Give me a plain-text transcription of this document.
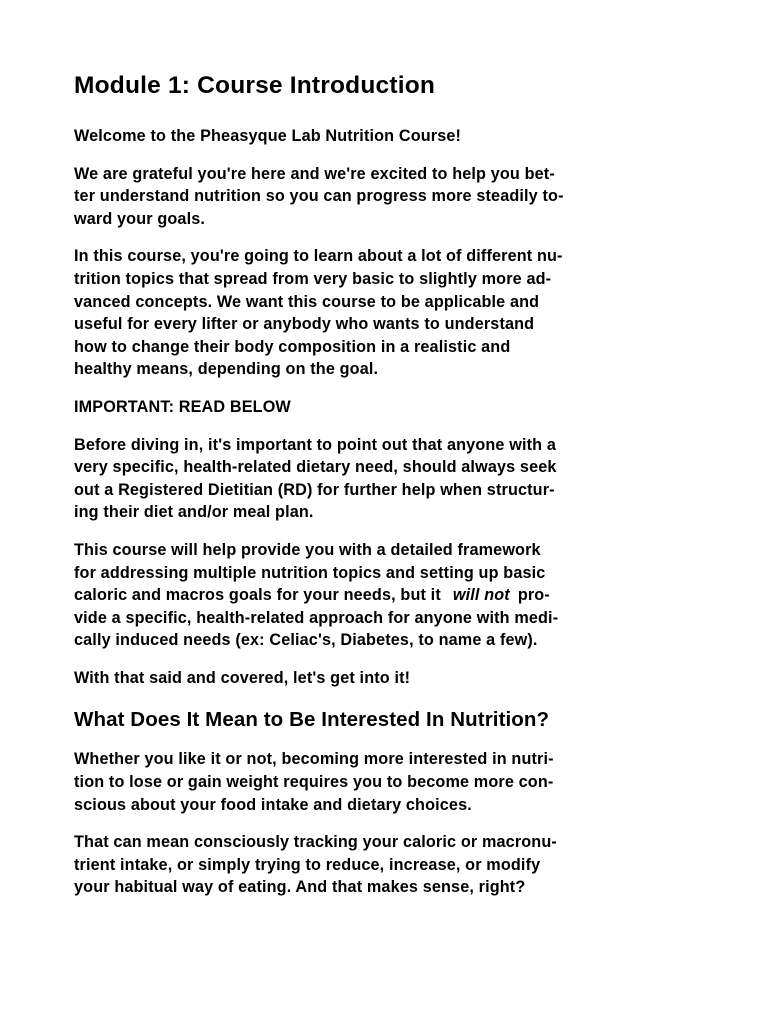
Module 1: Course Introduction

Welcome to the Pheasyque Lab Nutrition Course!

We are grateful you're here and we're excited to help you bet-
ter understand nutrition so you can progress more steadily to-
ward your goals.

In this course, you're going to learn about a lot of different nu-
trition topics that spread from very basic to slightly more ad-
vanced concepts. We want this course to be applicable and
useful for every lifter or anybody who wants to understand
how to change their body composition in a realistic and
healthy means, depending on the goal.

IMPORTANT: READ BELOW

Before diving in, it's important to point out that anyone with a
very specific, health-related dietary need, should always seek
out a Registered Dietitian (RD) for further help when structur-
ing their diet and/or meal plan.

This course will help provide you with a detailed framework
for addressing multiple nutrition topics and setting up basic
caloric and macros goals for your needs, but it will not pro-
vide a specific, health-related approach for anyone with medi-
cally induced needs (ex: Celiac's, Diabetes, to name a few).

With that said and covered, let's get into it!

What Does It Mean to Be Interested In Nutrition?

Whether you like it or not, becoming more interested in nutri-
tion to lose or gain weight requires you to become more con-
scious about your food intake and dietary choices.

That can mean consciously tracking your caloric or macronu-
trient intake, or simply trying to reduce, increase, or modify
your habitual way of eating. And that makes sense, right?
